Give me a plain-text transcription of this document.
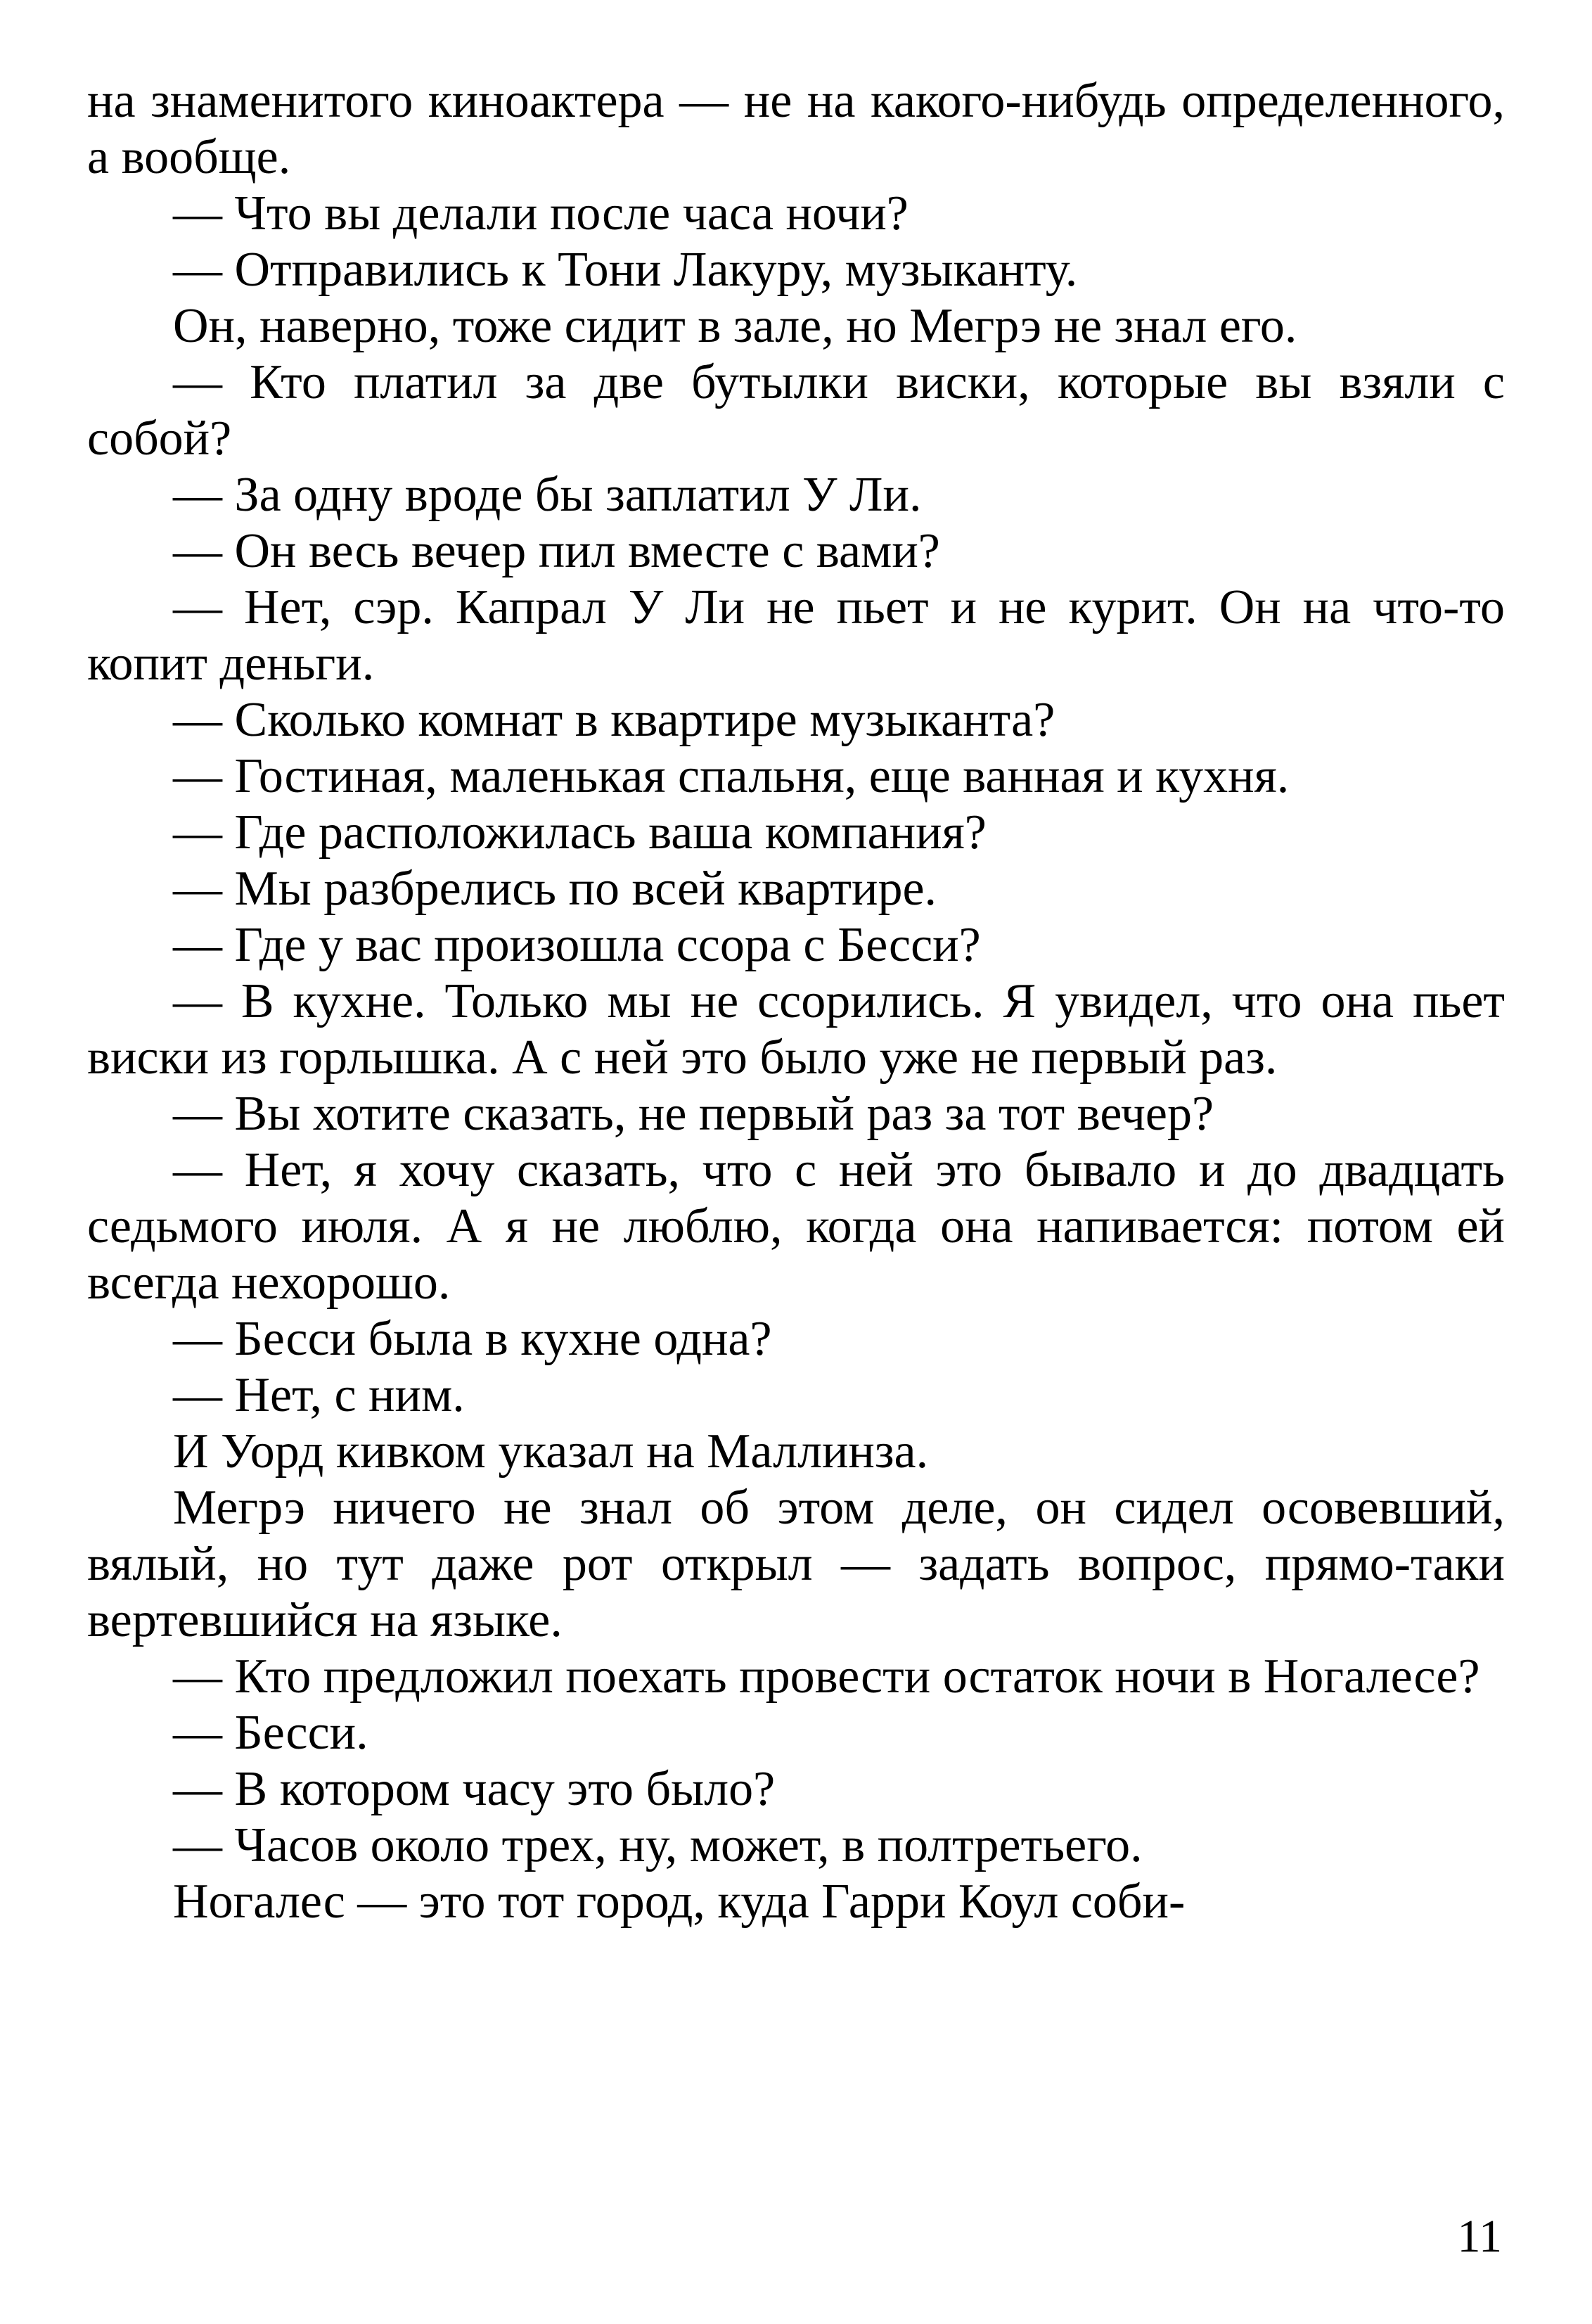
на знаменитого киноактера — не на какого-нибудь определенного, а вообще.

— Что вы делали после часа ночи?

— Отправились к Тони Лакуру, музыканту.

Он, наверно, тоже сидит в зале, но Мегрэ не знал его.

— Кто платил за две бутылки виски, которые вы взяли с собой?

— За одну вроде бы заплатил У Ли.

— Он весь вечер пил вместе с вами?

— Нет, сэр. Капрал У Ли не пьет и не курит. Он на что-то копит деньги.

— Сколько комнат в квартире музыканта?

— Гостиная, маленькая спальня, еще ванная и кухня.

— Где расположилась ваша компания?

— Мы разбрелись по всей квартире.

— Где у вас произошла ссора с Бесси?

— В кухне. Только мы не ссорились. Я увидел, что она пьет виски из горлышка. А с ней это было уже не первый раз.

— Вы хотите сказать, не первый раз за тот вечер?

— Нет, я хочу сказать, что с ней это бывало и до двадцать седьмого июля. А я не люблю, когда она напивается: потом ей всегда нехорошо.

— Бесси была в кухне одна?

— Нет, с ним.

И Уорд кивком указал на Маллинза.

Мегрэ ничего не знал об этом деле, он сидел осовевший, вялый, но тут даже рот открыл — задать вопрос, прямо-таки вертевшийся на языке.

— Кто предложил поехать провести остаток ночи в Ногалесе?

— Бесси.

— В котором часу это было?

— Часов около трех, ну, может, в полтретьего.

Ногалес — это тот город, куда Гарри Коул соби-

11
